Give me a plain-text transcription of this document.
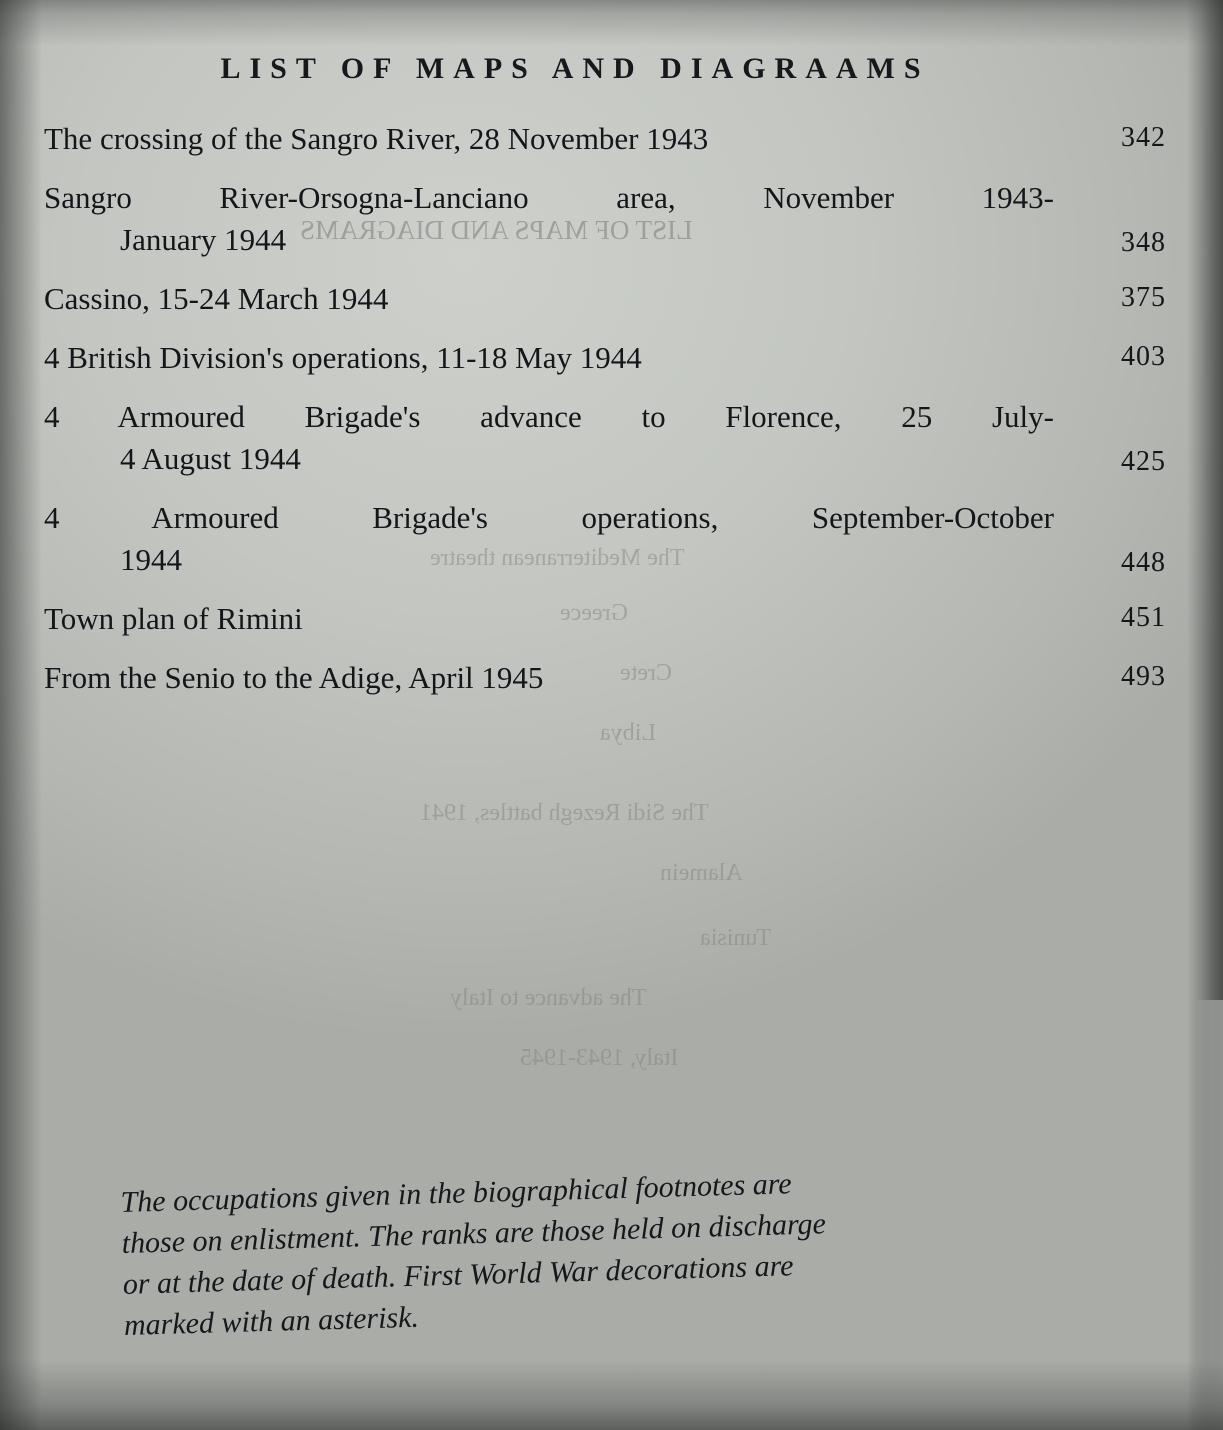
LIST OF MAPS AND DIAGRAMS
The Mediterranean theatre
Greece
Crete
Libya
The Sidi Rezegh battles, 1941
Alamein
Tunisia
The advance to Italy
Italy, 1943-1945
LIST OF MAPS AND DIAGRAAMS
The crossing of the Sangro River, 28 November 1943	342
Sangro River-Orsogna-Lanciano area, November 1943-
January 1944	348
Cassino, 15-24 March 1944	375
4 British Division's operations, 11-18 May 1944	403
4 Armoured Brigade's advance to Florence, 25 July-
4 August 1944	425
4 Armoured Brigade's operations, September-October
1944	448
Town plan of Rimini	451
From the Senio to the Adige, April 1945	493
The occupations given in the biographical footnotes are
those on enlistment. The ranks are those held on discharge
or at the date of death. First World War decorations are
marked with an asterisk.
